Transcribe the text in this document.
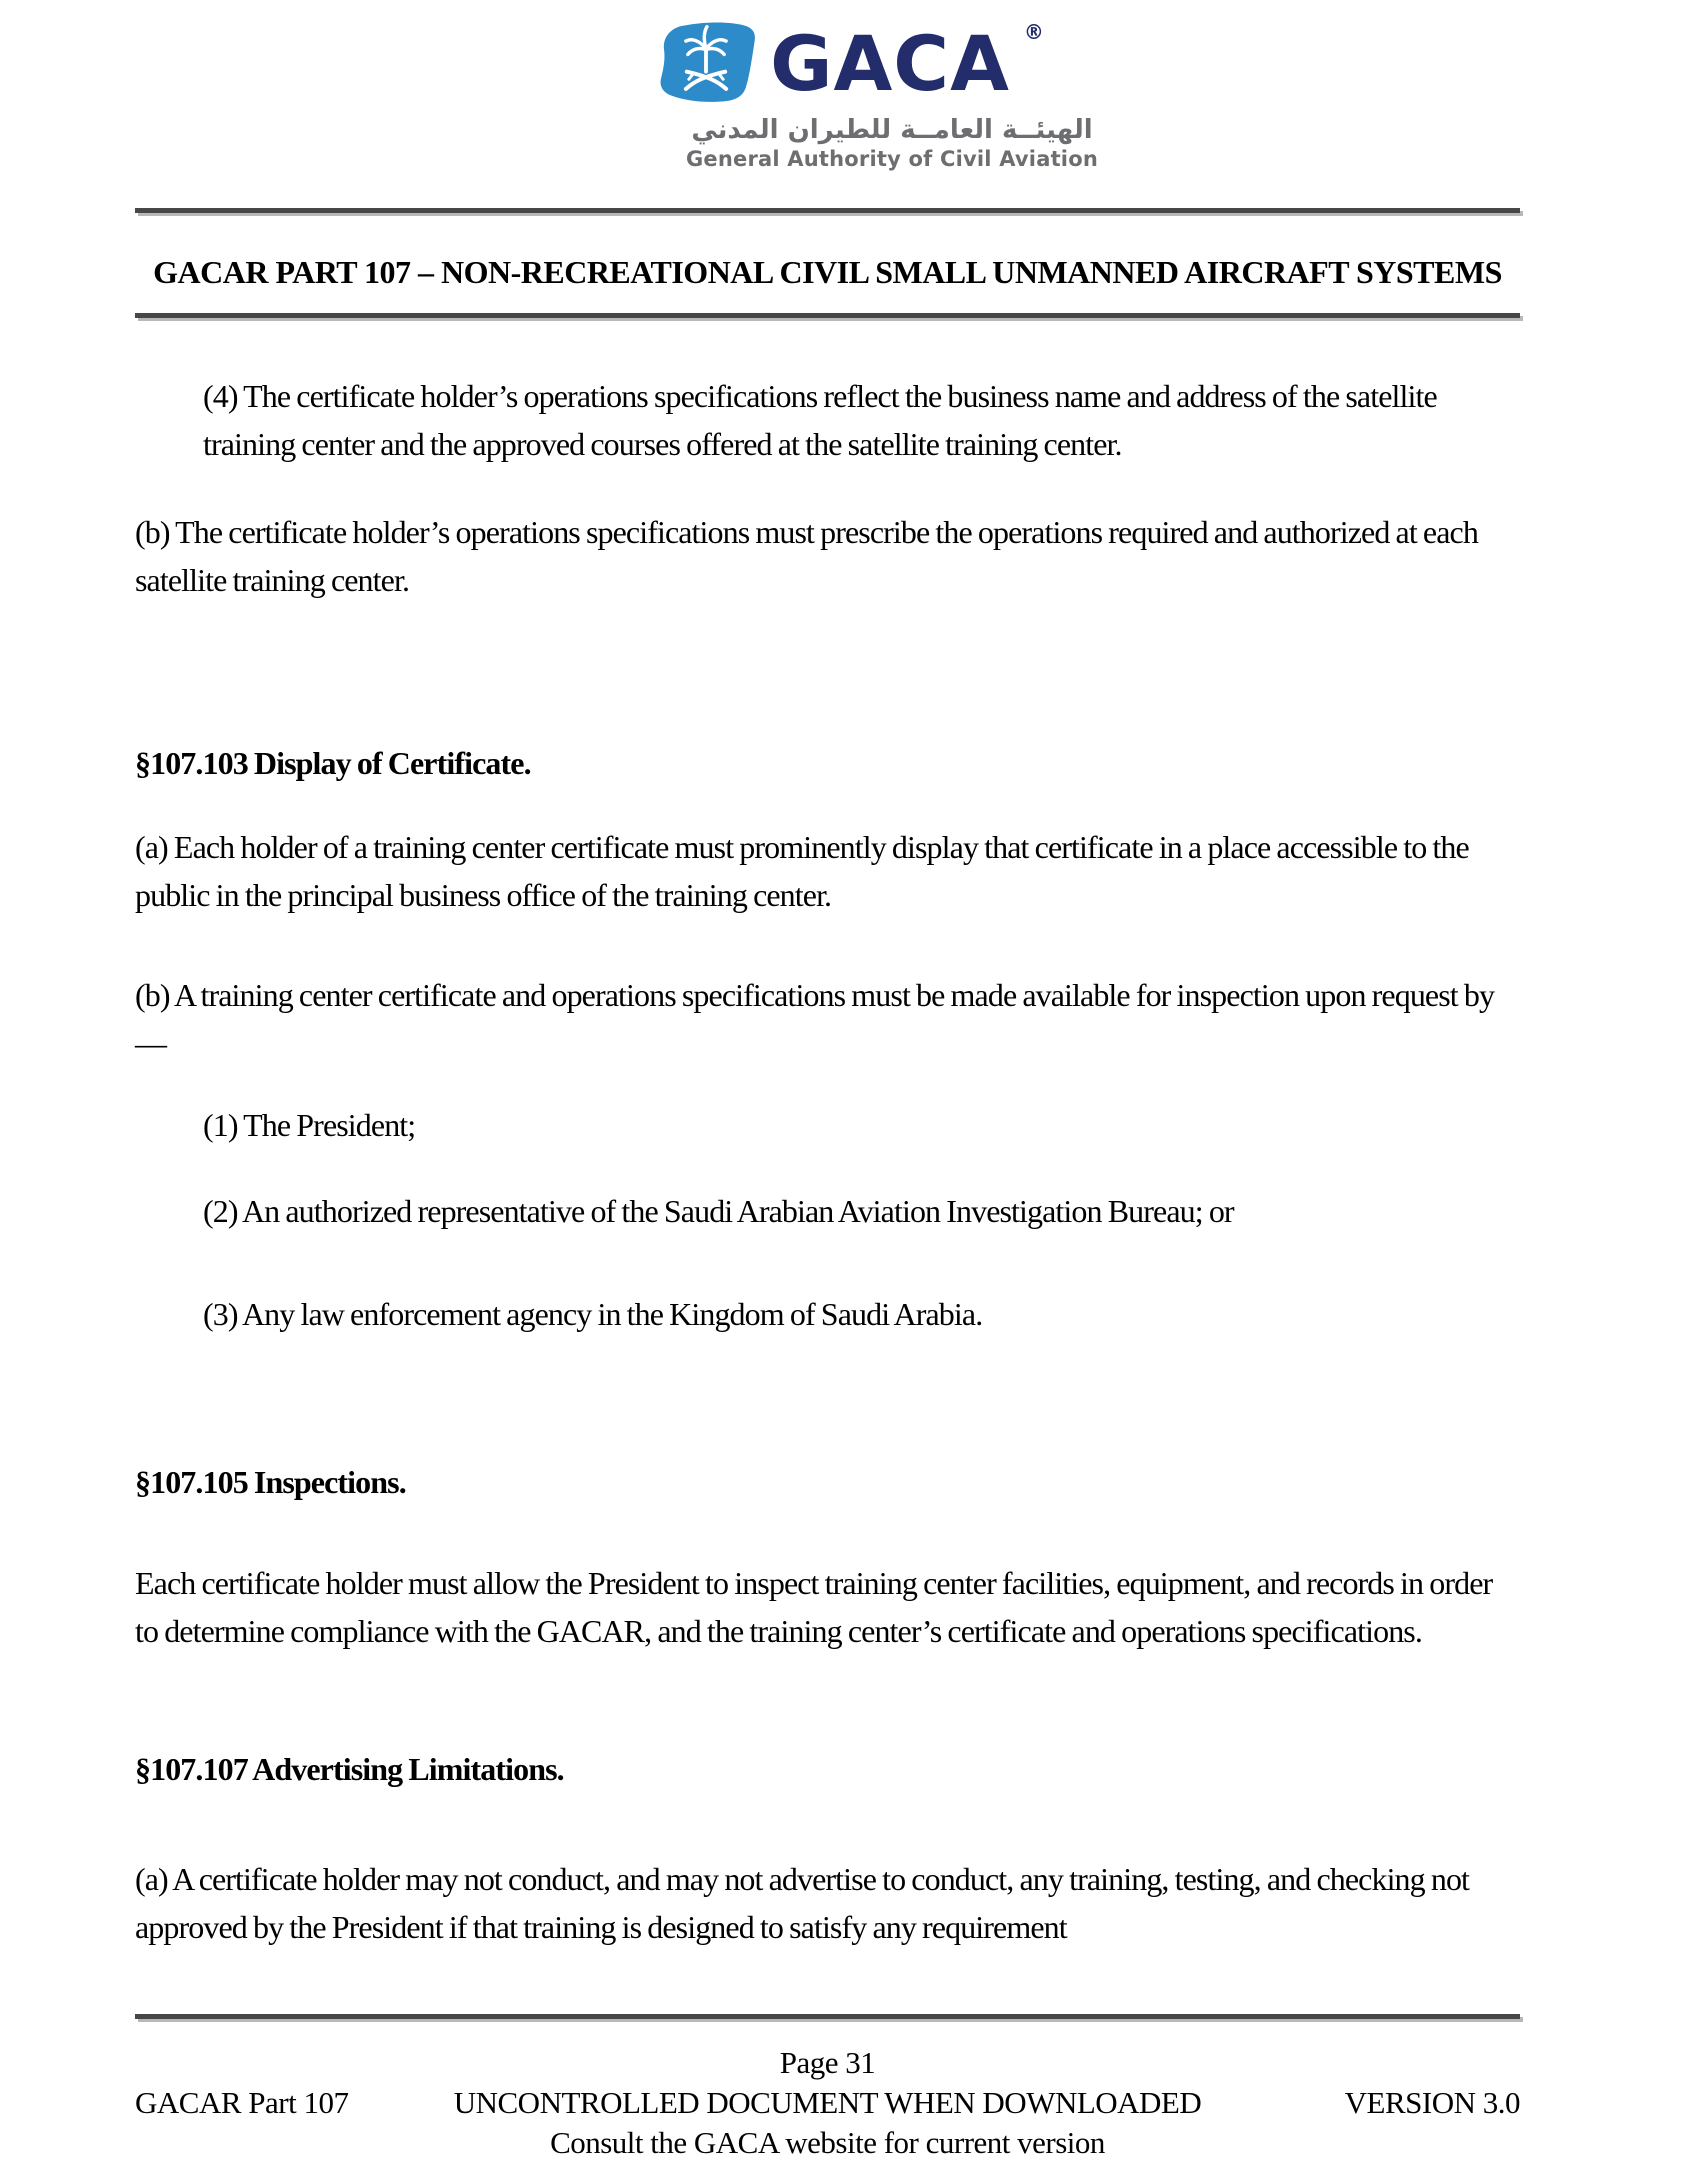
GACA ®
الهيئــة العامــة للطيران المدني
General Authority of Civil Aviation
GACAR PART 107 – NON-RECREATIONAL CIVIL SMALL UNMANNED AIRCRAFT SYSTEMS

(4) The certificate holder’s operations specifications reflect the business name and address of the satellite training center and the approved courses offered at the satellite training center.

(b) The certificate holder’s operations specifications must prescribe the operations required and authorized at each satellite training center.

§107.103 Display of Certificate.

(a) Each holder of a training center certificate must prominently display that certificate in a place accessible to the public in the principal business office of the training center.

(b) A training center certificate and operations specifications must be made available for inspection upon request by—

(1) The President;

(2) An authorized representative of the Saudi Arabian Aviation Investigation Bureau; or

(3) Any law enforcement agency in the Kingdom of Saudi Arabia.

§107.105 Inspections.

Each certificate holder must allow the President to inspect training center facilities, equipment, and records in order to determine compliance with the GACAR, and the training center’s certificate and operations specifications.

§107.107 Advertising Limitations.

(a) A certificate holder may not conduct, and may not advertise to conduct, any training, testing, and checking not approved by the President if that training is designed to satisfy any requirement

Page 31
GACAR Part 107	UNCONTROLLED DOCUMENT WHEN DOWNLOADED	VERSION 3.0
Consult the GACA website for current version
